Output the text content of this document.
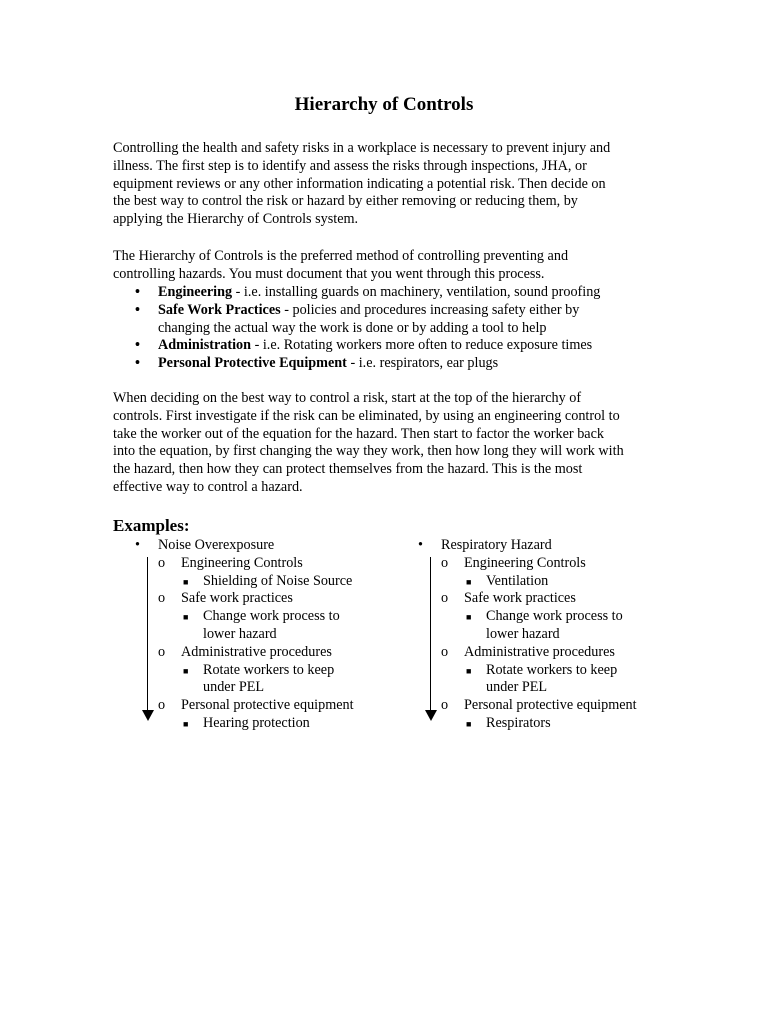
Hierarchy of Controls
Controlling the health and safety risks in a workplace is necessary to prevent injury and
illness. The first step is to identify and assess the risks through inspections, JHA, or
equipment reviews or any other information indicating a potential risk. Then decide on
the best way to control the risk or hazard by either removing or reducing them, by
applying the Hierarchy of Controls system.
The Hierarchy of Controls is the preferred method of controlling preventing and
controlling hazards. You must document that you went through this process.
• Engineering - i.e. installing guards on machinery, ventilation, sound proofing
• Safe Work Practices - policies and procedures increasing safety either by
changing the actual way the work is done or by adding a tool to help
• Administration - i.e. Rotating workers more often to reduce exposure times
• Personal Protective Equipment - i.e. respirators, ear plugs
When deciding on the best way to control a risk, start at the top of the hierarchy of
controls. First investigate if the risk can be eliminated, by using an engineering control to
take the worker out of the equation for the hazard. Then start to factor the worker back
into the equation, by first changing the way they work, then how long they will work with
the hazard, then how they can protect themselves from the hazard. This is the most
effective way to control a hazard.
Examples:
• Noise Overexposure
o Engineering Controls
■ Shielding of Noise Source
o Safe work practices
■ Change work process to
lower hazard
o Administrative procedures
■ Rotate workers to keep
under PEL
o Personal protective equipment
■ Hearing protection
• Respiratory Hazard
o Engineering Controls
■ Ventilation
o Safe work practices
■ Change work process to
lower hazard
o Administrative procedures
■ Rotate workers to keep
under PEL
o Personal protective equipment
■ Respirators
